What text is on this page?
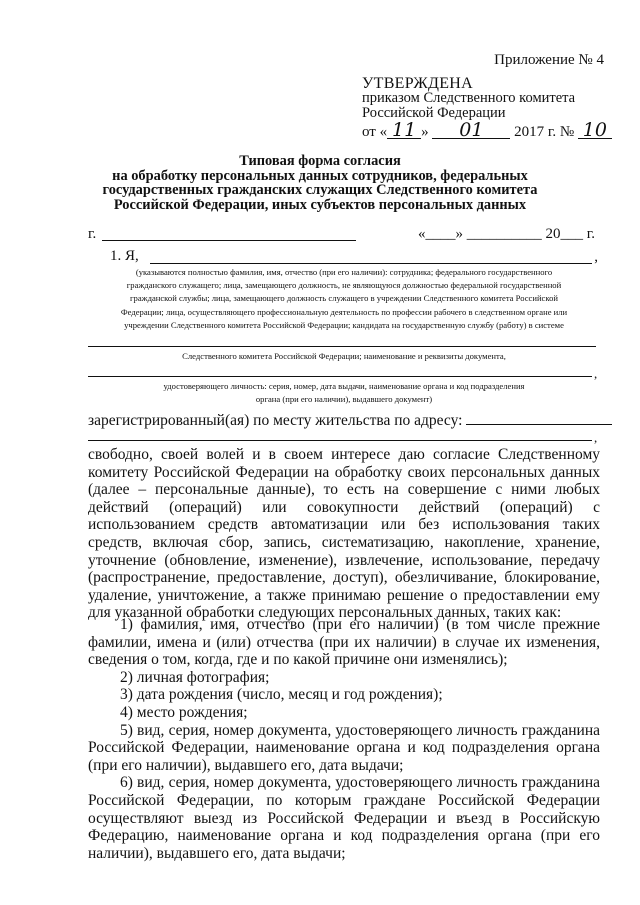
Приложение № 4
УТВЕРЖДЕНА
приказом Следственного комитета
Российской Федерации
от « 11 » 01 2017 г. № 10
Типовая форма согласия
на обработку персональных данных сотрудников, федеральных
государственных гражданских служащих Следственного комитета
Российской Федерации, иных субъектов персональных данных
г.	«____» __________ 20___ г.
1. Я,	,
(указываются полностью фамилия, имя, отчество (при его наличии): сотрудника; федерального государственного
гражданского служащего; лица, замещающего должность, не являющуюся должностью федеральной государственной
гражданской службы; лица, замещающего должность служащего в учреждении Следственного комитета Российской
Федерации; лица, осуществляющего профессиональную деятельность по профессии рабочего в следственном органе или
учреждении Следственного комитета Российской Федерации; кандидата на государственную службу (работу) в системе
Следственного комитета Российской Федерации; наименование и реквизиты документа,
,
удостоверяющего личность: серия, номер, дата выдачи, наименование органа и код подразделения
органа (при его наличии), выдавшего документ)
зарегистрированный(ая) по месту жительства по адресу:
,

свободно, своей волей и в своем интересе даю согласие Следственному комитету Российской Федерации на обработку своих персональных данных (далее – персональные данные), то есть на совершение с ними любых действий (операций) или совокупности действий (операций) с использованием средств автоматизации или без использования таких средств, включая сбор, запись, систематизацию, накопление, хранение, уточнение (обновление, изменение), извлечение, использование, передачу (распространение, предоставление, доступ), обезличивание, блокирование, удаление, уничтожение, а также принимаю решение о предоставлении ему для указанной обработки следующих персональных данных, таких как:

1) фамилия, имя, отчество (при его наличии) (в том числе прежние фамилии, имена и (или) отчества (при их наличии) в случае их изменения, сведения о том, когда, где и по какой причине они изменялись);

2) личная фотография;

3) дата рождения (число, месяц и год рождения);

4) место рождения;

5) вид, серия, номер документа, удостоверяющего личность гражданина Российской Федерации, наименование органа и код подразделения органа (при его наличии), выдавшего его, дата выдачи;

6) вид, серия, номер документа, удостоверяющего личность гражданина Российской Федерации, по которым граждане Российской Федерации осуществляют выезд из Российской Федерации и въезд в Российскую Федерацию, наименование органа и код подразделения органа (при его наличии), выдавшего его, дата выдачи;
